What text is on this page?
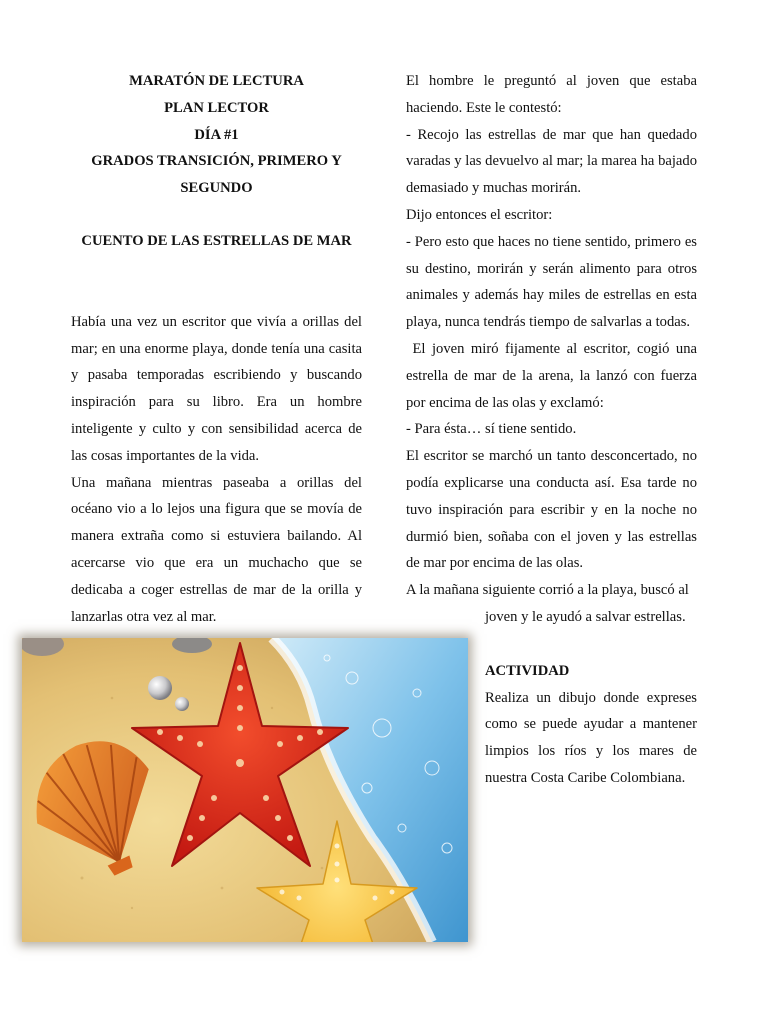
MARATÓN DE LECTURA
PLAN LECTOR
DÍA #1
GRADOS TRANSICIÓN, PRIMERO Y
SEGUNDO
CUENTO DE LAS ESTRELLAS DE MAR
Había una vez un escritor que vivía a orillas del mar; en una enorme playa, donde tenía una casita y pasaba temporadas escribiendo y buscando inspiración para su libro. Era un hombre inteligente y culto y con sensibilidad acerca de las cosas importantes de la vida.
Una mañana mientras paseaba a orillas del océano vio a lo lejos una figura que se movía de manera extraña como si estuviera bailando. Al acercarse vio que era un muchacho que se dedicaba a coger estrellas de mar de la orilla y lanzarlas otra vez al mar.
El hombre le preguntó al joven que estaba haciendo. Este le contestó:
- Recojo las estrellas de mar que han quedado varadas y las devuelvo al mar; la marea ha bajado demasiado y muchas morirán.
Dijo entonces el escritor:
- Pero esto que haces no tiene sentido, primero es su destino, morirán y serán alimento para otros animales y además hay miles de estrellas en esta playa, nunca tendrás tiempo de salvarlas a todas.
El joven miró fijamente al escritor, cogió una estrella de mar de la arena, la lanzó con fuerza por encima de las olas y exclamó:
- Para ésta… sí tiene sentido.
El escritor se marchó un tanto desconcertado, no podía explicarse una conducta así. Esa tarde no tuvo inspiración para escribir y en la noche no durmió bien, soñaba con el joven y las estrellas de mar por encima de las olas.
A la mañana siguiente corrió a la playa, buscó al
joven y le ayudó a salvar estrellas.
ACTIVIDAD
Realiza un dibujo donde expreses como se puede ayudar a mantener limpios los ríos y los mares de nuestra Costa Caribe Colombiana.
